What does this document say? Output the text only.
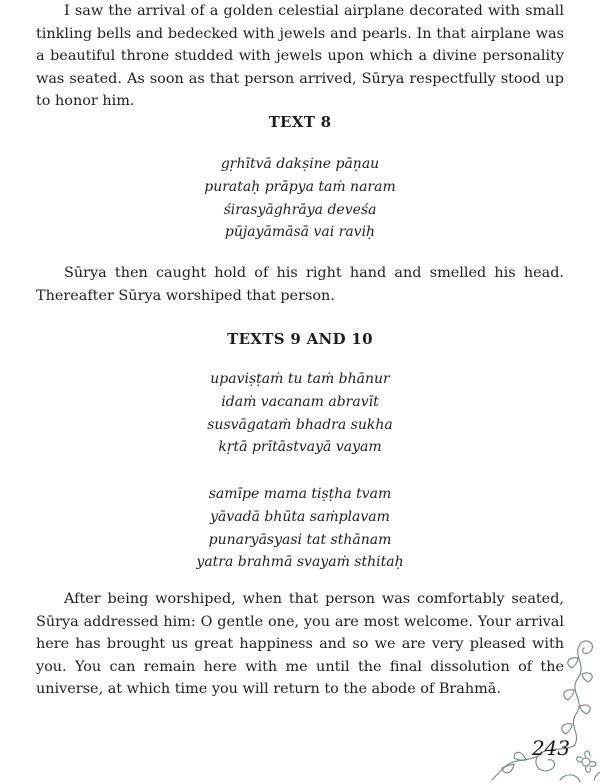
I saw the arrival of a golden celestial airplane decorated with small tinkling bells and bedecked with jewels and pearls. In that airplane was a beautiful throne studded with jewels upon which a divine personality was seated. As soon as that person arrived, Sūrya respectfully stood up to honor him.

TEXT 8
gṛhītvā dakṣine pāṇau
purataḥ prāpya taṁ naram
śirasyāghrāya deveśa
pūjayāmāsā vai raviḥ

Sūrya then caught hold of his right hand and smelled his head. Thereafter Sūrya worshiped that person.

TEXTS 9 AND 10
upaviṣṭaṁ tu taṁ bhānur
idaṁ vacanam abravīt
susvāgataṁ bhadra sukha
kṛtā prītāstvayā vayam
samīpe mama tiṣṭha tvam
yāvadā bhūta saṁplavam
punaryāsyasi tat sthānam
yatra brahmā svayaṁ sthitaḥ

After being worshiped, when that person was comfortably seated, Sūrya addressed him: O gentle one, you are most welcome. Your arrival here has brought us great happiness and so we are very pleased with you. You can remain here with me until the final dissolution of the universe, at which time you will return to the abode of Brahmā.

243
